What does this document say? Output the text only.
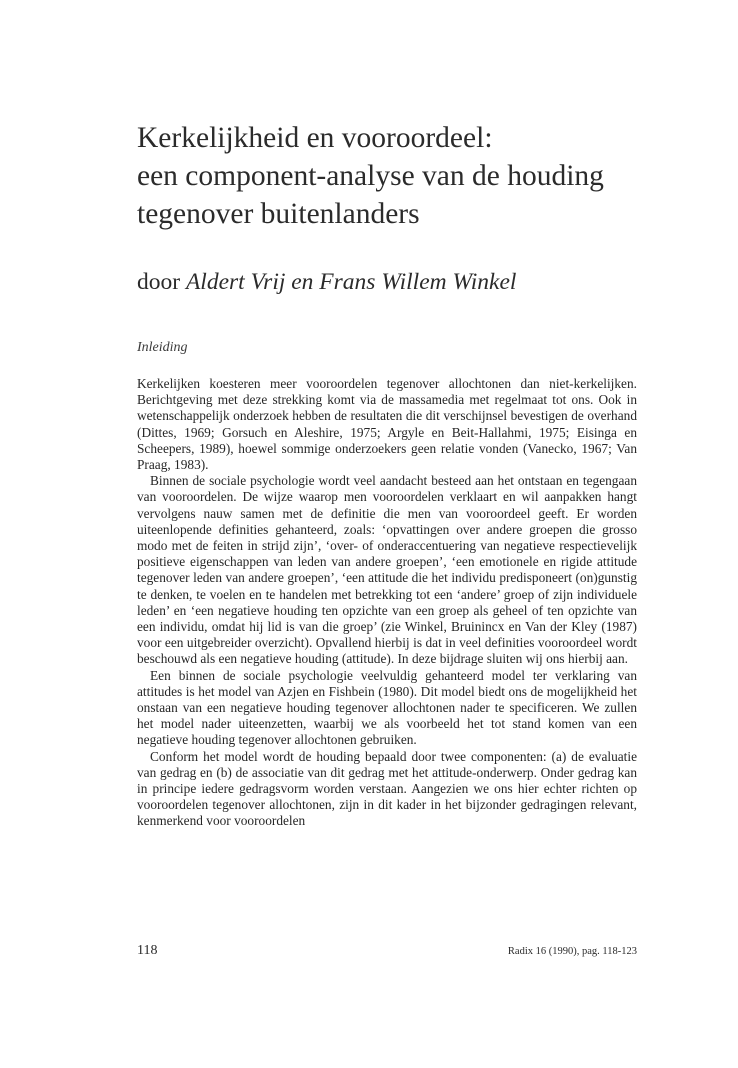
Kerkelijkheid en vooroordeel:
een component-analyse van de houding
tegenover buitenlanders
door Aldert Vrij en Frans Willem Winkel
Inleiding

Kerkelijken koesteren meer vooroordelen tegenover allochtonen dan niet-kerkelijken. Berichtgeving met deze strekking komt via de massamedia met regelmaat tot ons. Ook in wetenschappelijk onderzoek hebben de resultaten die dit verschijnsel bevestigen de overhand (Dittes, 1969; Gorsuch en Aleshire, 1975; Argyle en Beit-Hallahmi, 1975; Eisinga en Scheepers, 1989), hoewel sommige onderzoekers geen relatie vonden (Vanecko, 1967; Van Praag, 1983).

Binnen de sociale psychologie wordt veel aandacht besteed aan het ontstaan en tegengaan van vooroordelen. De wijze waarop men vooroordelen verklaart en wil aanpakken hangt vervolgens nauw samen met de definitie die men van vooroordeel geeft. Er worden uiteenlopende definities gehanteerd, zoals: ‘opvattingen over andere groepen die grosso modo met de feiten in strijd zijn’, ‘over- of onderaccentuering van negatieve respectievelijk positieve eigenschappen van leden van andere groepen’, ‘een emotionele en rigide attitude tegenover leden van andere groepen’, ‘een attitude die het individu predisponeert (on)gunstig te denken, te voelen en te handelen met betrekking tot een ‘andere’ groep of zijn individuele leden’ en ‘een negatieve houding ten opzichte van een groep als geheel of ten opzichte van een individu, omdat hij lid is van die groep’ (zie Winkel, Bruinincx en Van der Kley (1987) voor een uitgebreider overzicht). Opvallend hierbij is dat in veel definities vooroordeel wordt beschouwd als een negatieve houding (attitude). In deze bijdrage sluiten wij ons hierbij aan.

Een binnen de sociale psychologie veelvuldig gehanteerd model ter verklaring van attitudes is het model van Azjen en Fishbein (1980). Dit model biedt ons de mogelijkheid het onstaan van een negatieve houding tegenover allochtonen nader te specificeren. We zullen het model nader uiteenzetten, waarbij we als voorbeeld het tot stand komen van een negatieve houding tegenover allochtonen gebruiken.

Conform het model wordt de houding bepaald door twee componenten: (a) de evaluatie van gedrag en (b) de associatie van dit gedrag met het attitude-onderwerp. Onder gedrag kan in principe iedere gedragsvorm worden verstaan. Aangezien we ons hier echter richten op vooroordelen tegenover allochtonen, zijn in dit kader in het bijzonder gedragingen relevant, kenmerkend voor vooroordelen

118	Radix 16 (1990), pag. 118-123
